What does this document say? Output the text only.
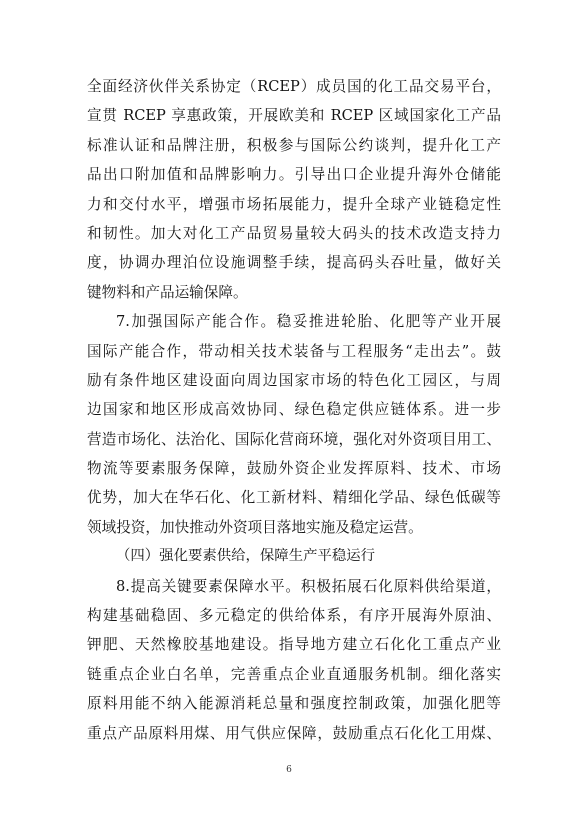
全面经济伙伴关系协定（RCEP）成员国的化工品交易平台，
宣贯 RCEP 享惠政策，开展欧美和 RCEP 区域国家化工产品
标准认证和品牌注册，积极参与国际公约谈判，提升化工产
品出口附加值和品牌影响力。引导出口企业提升海外仓储能
力和交付水平，增强市场拓展能力，提升全球产业链稳定性
和韧性。加大对化工产品贸易量较大码头的技术改造支持力
度，协调办理泊位设施调整手续，提高码头吞吐量，做好关
键物料和产品运输保障。
7.加强国际产能合作。稳妥推进轮胎、化肥等产业开展
国际产能合作，带动相关技术装备与工程服务“走出去”。鼓
励有条件地区建设面向周边国家市场的特色化工园区，与周
边国家和地区形成高效协同、绿色稳定供应链体系。进一步
营造市场化、法治化、国际化营商环境，强化对外资项目用工、
物流等要素服务保障，鼓励外资企业发挥原料、技术、市场
优势，加大在华石化、化工新材料、精细化学品、绿色低碳等
领域投资，加快推动外资项目落地实施及稳定运营。
（四）强化要素供给，保障生产平稳运行
8.提高关键要素保障水平。积极拓展石化原料供给渠道，
构建基础稳固、多元稳定的供给体系，有序开展海外原油、
钾肥、天然橡胶基地建设。指导地方建立石化化工重点产业
链重点企业白名单，完善重点企业直通服务机制。细化落实
原料用能不纳入能源消耗总量和强度控制政策，加强化肥等
重点产品原料用煤、用气供应保障，鼓励重点石化化工用煤、
6
